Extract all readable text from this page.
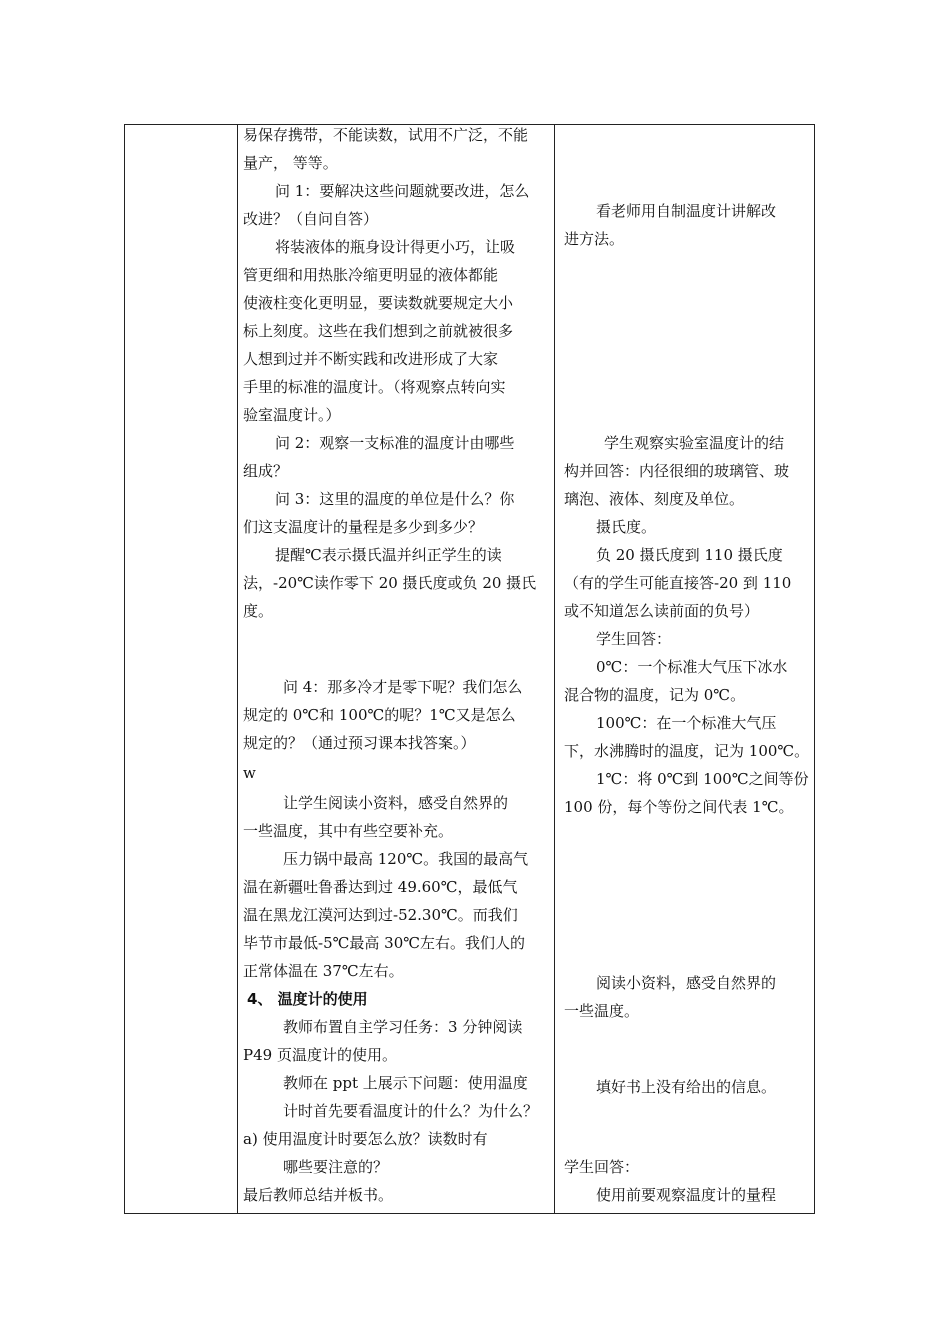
易保存携带，不能读数，试用不广泛，不能
量产， 等等。
问 1：要解决这些问题就要改进，怎么
改进？（自问自答）
将装液体的瓶身设计得更小巧，让吸
管更细和用热胀冷缩更明显的液体都能
使液柱变化更明显，要读数就要规定大小
标上刻度。这些在我们想到之前就被很多
人想到过并不断实践和改进形成了大家
手里的标准的温度计。（将观察点转向实
验室温度计。）
问 2：观察一支标准的温度计由哪些
组成？
问 3：这里的温度的单位是什么？你
们这支温度计的量程是多少到多少？
提醒℃表示摄氏温并纠正学生的读
法，-20℃读作零下 20 摄氏度或负 20 摄氏
度。
问 4：那多冷才是零下呢？我们怎么
规定的 0℃和 100℃的呢？1℃又是怎么
规定的？（通过预习课本找答案。）
w
让学生阅读小资料，感受自然界的
一些温度，其中有些空要补充。
压力锅中最高 120℃。我国的最高气
温在新疆吐鲁番达到过 49.60℃，最低气
温在黑龙江漠河达到过-52.30℃。而我们
毕节市最低-5℃最高 30℃左右。我们人的
正常体温在 37℃左右。
4、 温度计的使用
教师布置自主学习任务：3 分钟阅读
P49 页温度计的使用。
教师在 ppt 上展示下问题：使用温度
计时首先要看温度计的什么？为什么？
a) 使用温度计时要怎么放？读数时有
哪些要注意的？
最后教师总结并板书。
看老师用自制温度计讲解改
进方法。
学生观察实验室温度计的结
构并回答：内径很细的玻璃管、玻
璃泡、液体、刻度及单位。
摄氏度。
负 20 摄氏度到 110 摄氏度
（有的学生可能直接答-20 到 110
或不知道怎么读前面的负号）
学生回答：
0℃：一个标准大气压下冰水
混合物的温度，记为 0℃。
100℃：在一个标准大气压
下，水沸腾时的温度，记为 100℃。
1℃：将 0℃到 100℃之间等份
100 份，每个等份之间代表 1℃。
阅读小资料，感受自然界的
一些温度。
填好书上没有给出的信息。
学生回答：
使用前要观察温度计的量程
